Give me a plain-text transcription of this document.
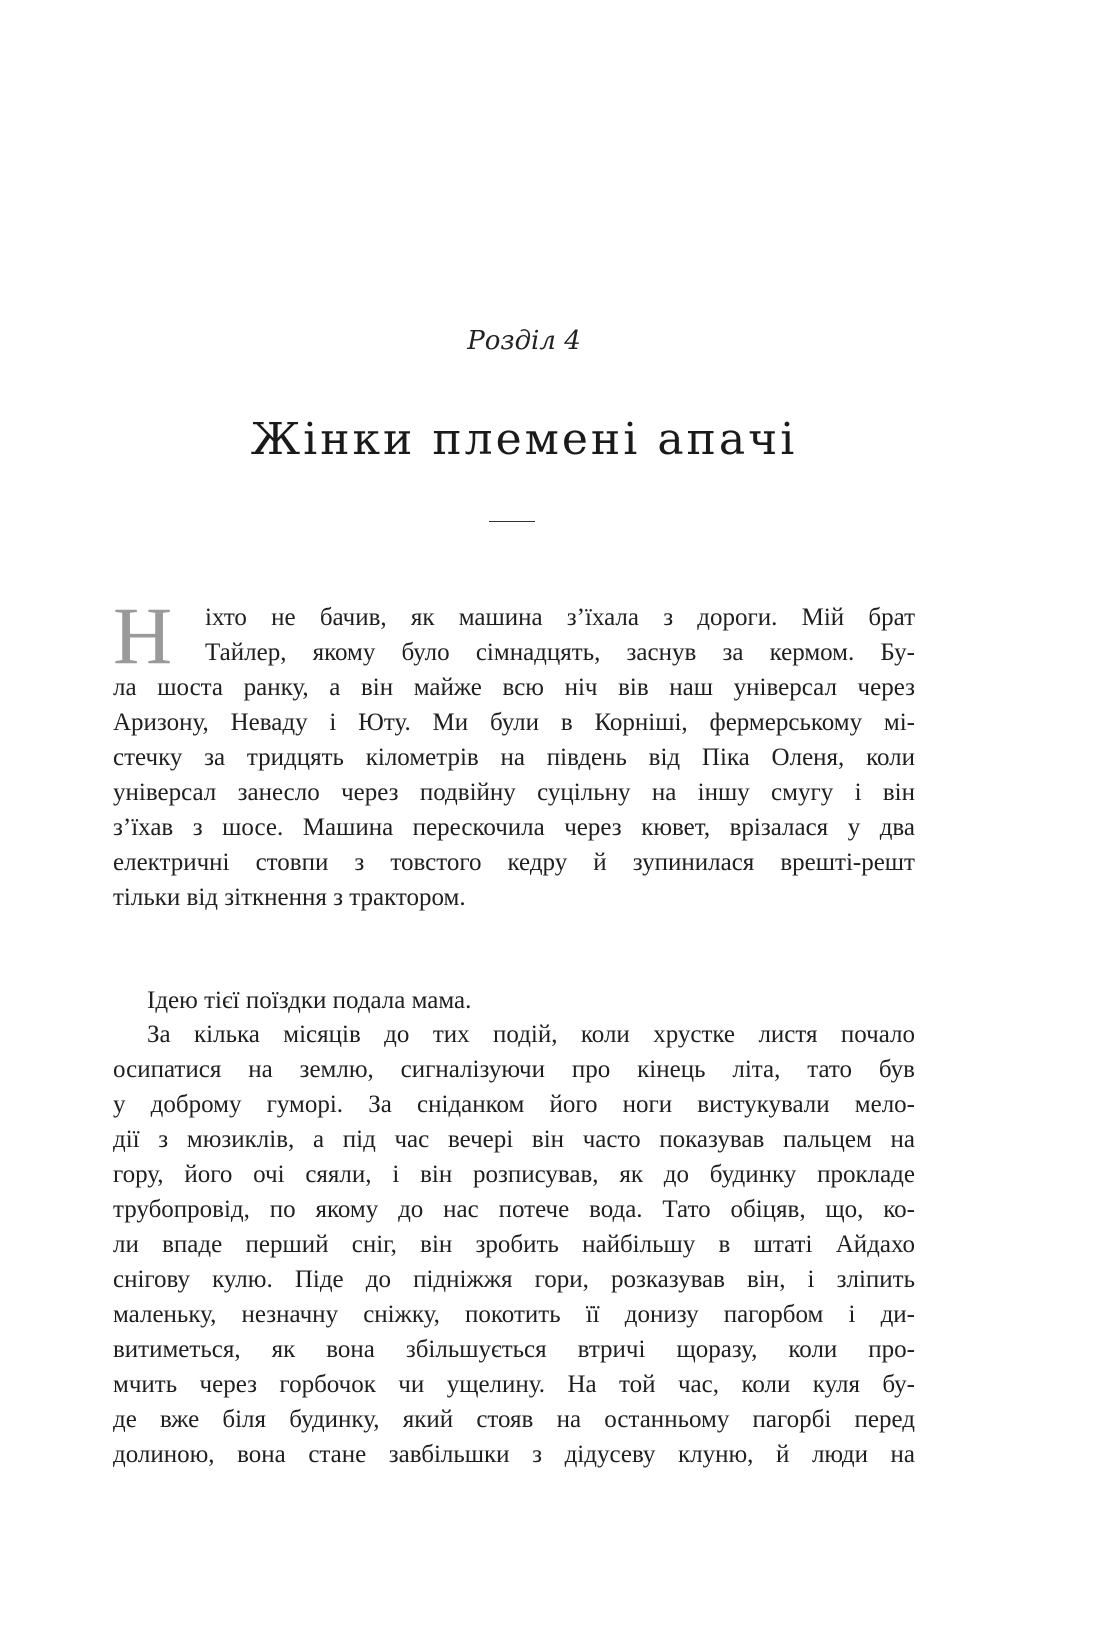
Розділ 4
Жінки племені апачі
Н	іхто не бачив, як машина з’їхала з дороги. Мій брат
Тайлер, якому було сімнадцять, заснув за кермом. Бу-
ла шоста ранку, а він майже всю ніч вів наш універсал через
Аризону, Неваду і Юту. Ми були в Корніші, фермерському мі-
стечку за тридцять кілометрів на південь від Піка Оленя, коли
універсал занесло через подвійну суцільну на іншу смугу і він
з’їхав з шосе. Машина перескочила через кювет, врізалася у два
електричні стовпи з товстого кедру й зупинилася врешті-решт
тільки від зіткнення з трактором.
Ідею тієї поїздки подала мама.
За кілька місяців до тих подій, коли хрустке листя почало
осипатися на землю, сигналізуючи про кінець літа, тато був
у доброму гуморі. За сніданком його ноги вистукували мело-
дії з мюзиклів, а під час вечері він часто показував пальцем на
гору, його очі сяяли, і він розписував, як до будинку прокладе
трубопровід, по якому до нас потече вода. Тато обіцяв, що, ко-
ли впаде перший сніг, він зробить найбільшу в штаті Айдахо
снігову кулю. Піде до підніжжя гори, розказував він, і зліпить
маленьку, незначну сніжку, покотить її донизу пагорбом і ди-
витиметься, як вона збільшується втричі щоразу, коли про-
мчить через горбочок чи ущелину. На той час, коли куля бу-
де вже біля будинку, який стояв на останньому пагорбі перед
долиною, вона стане завбільшки з дідусеву клуню, й люди на
